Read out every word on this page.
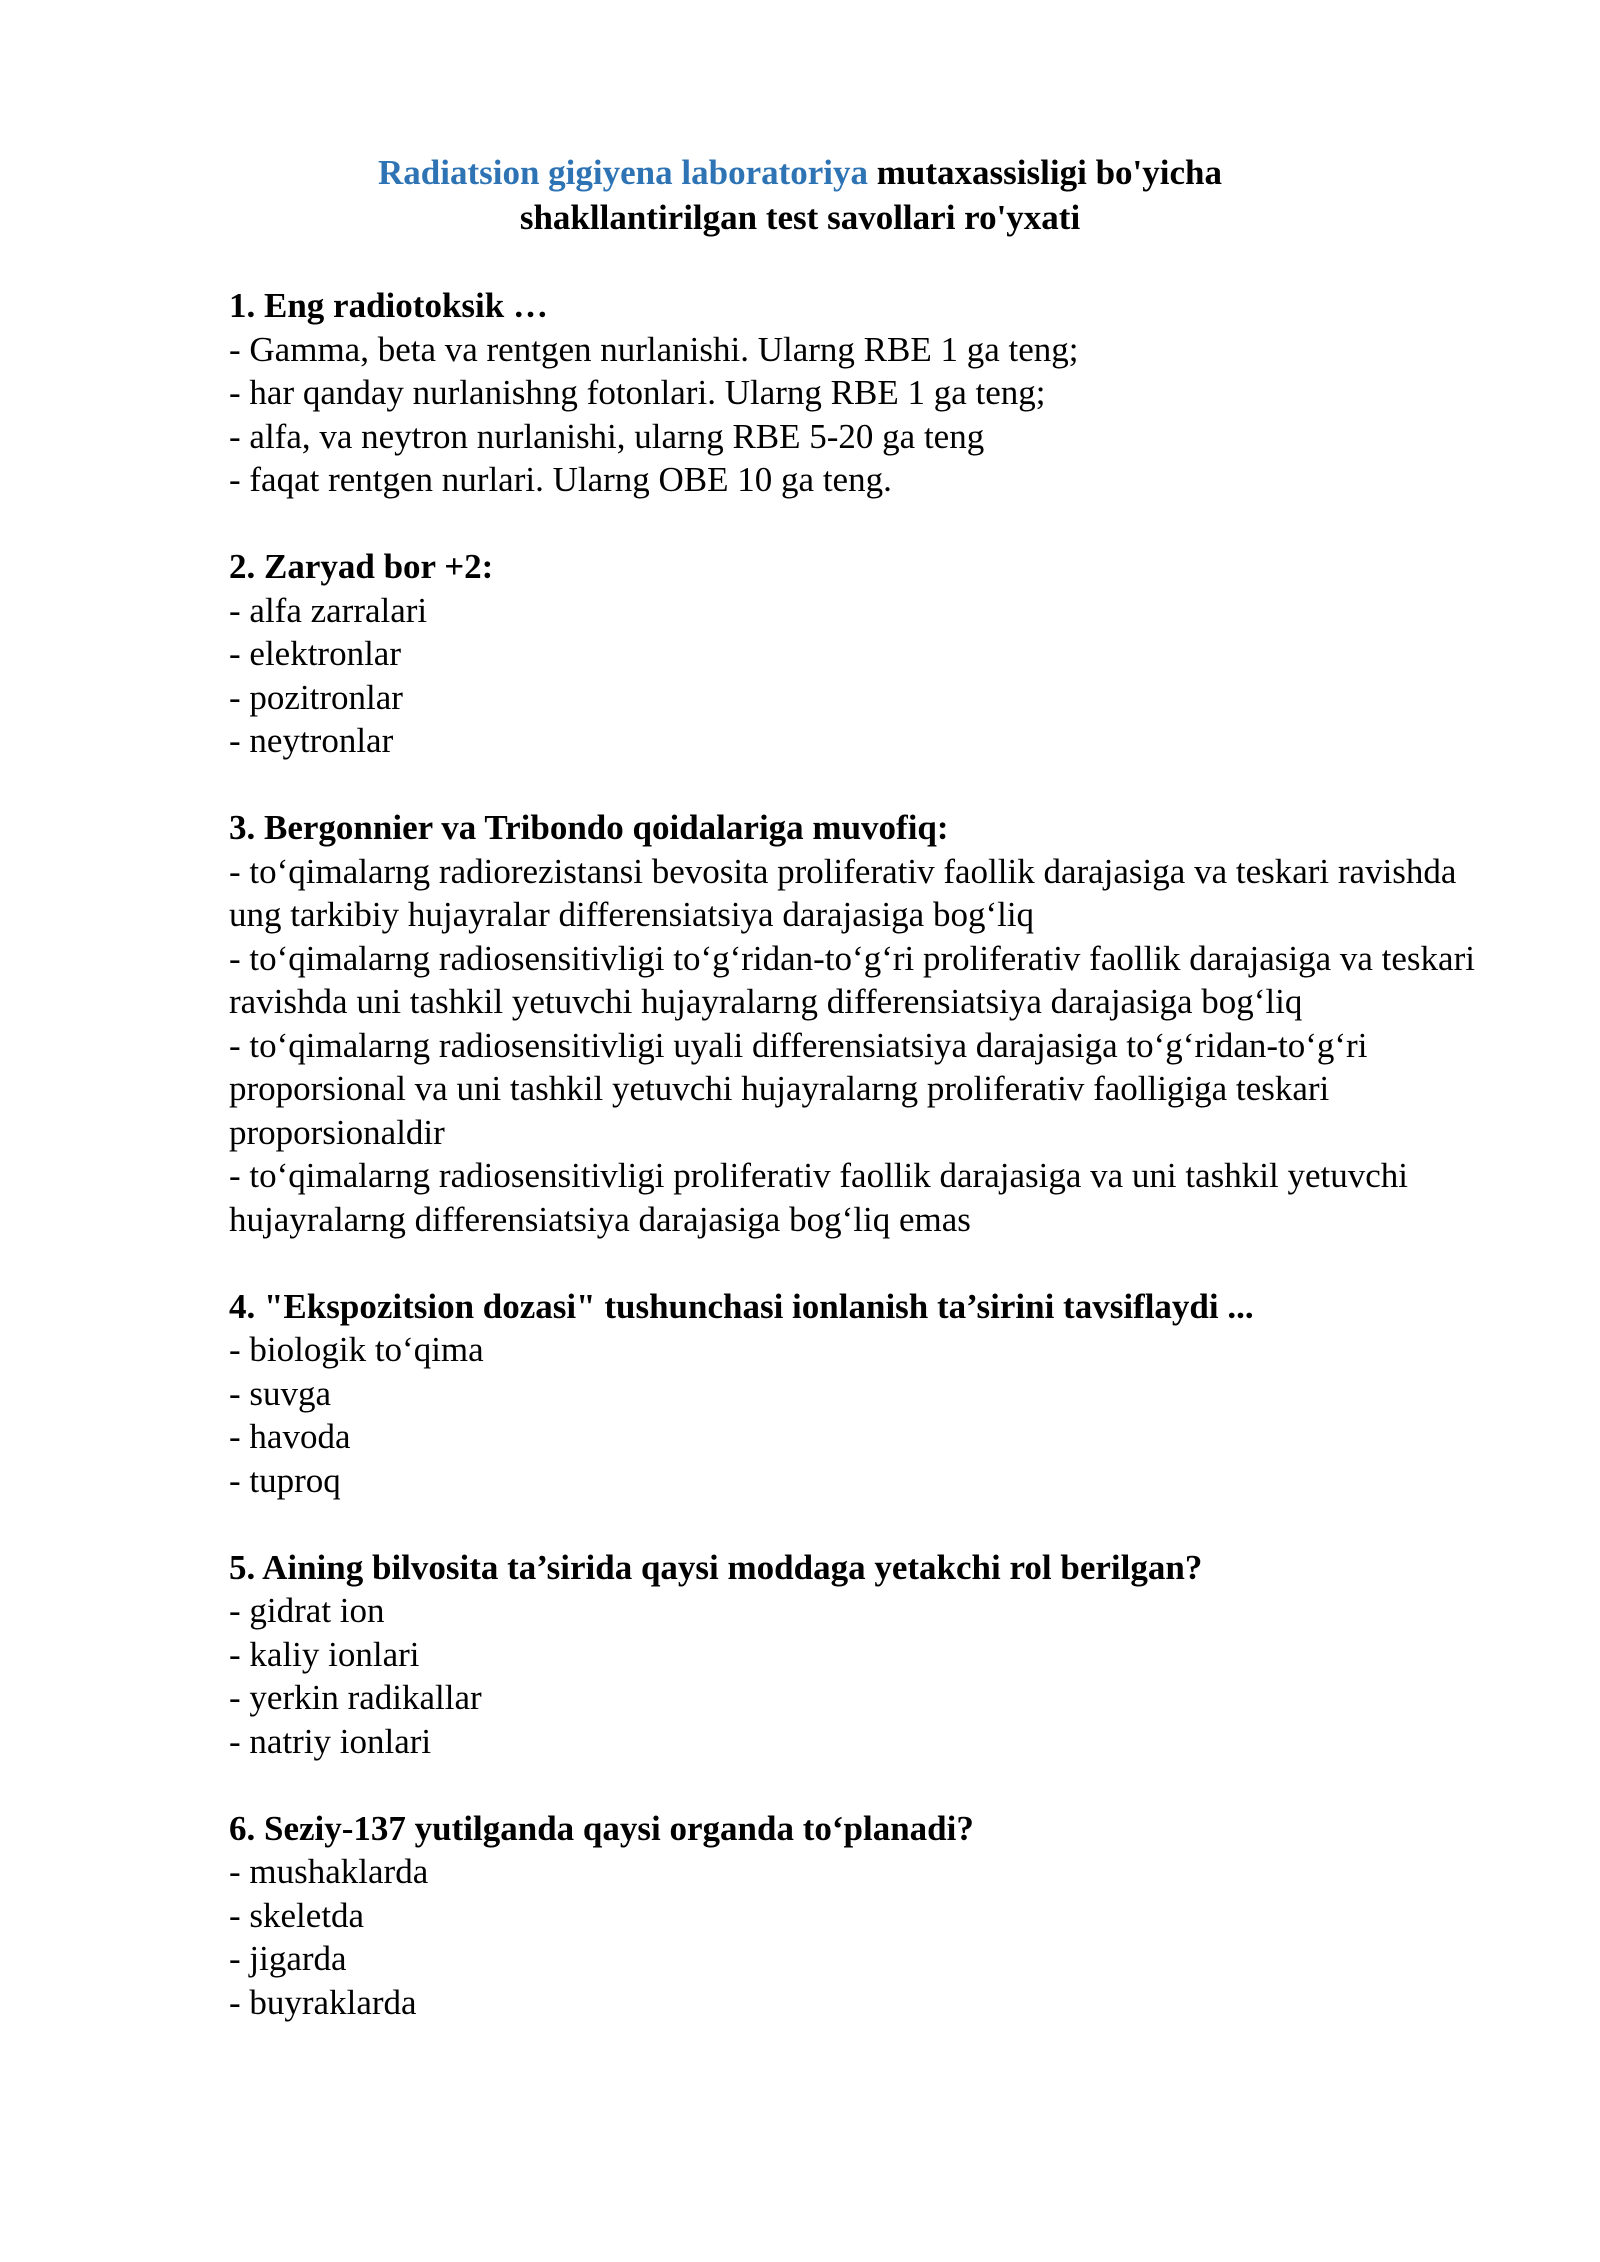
Radiatsion gigiyena laboratoriya mutaxassisligi bo'yicha
shakllantirilgan test savollari ro'yxati

1. Eng radiotoksik …

- Gamma, beta va rentgen nurlanishi. Ularng RBE 1 ga teng;

- har qanday nurlanishng fotonlari. Ularng RBE 1 ga teng;

- alfa, va neytron nurlanishi, ularng RBE 5-20 ga teng

- faqat rentgen nurlari. Ularng OBE 10 ga teng.

2. Zaryad bor +2:

- alfa zarralari

- elektronlar

- pozitronlar

- neytronlar

3. Bergonnier va Tribondo qoidalariga muvofiq:

- to‘qimalarng radiorezistansi bevosita proliferativ faollik darajasiga va teskari ravishda ung tarkibiy hujayralar differensiatsiya darajasiga bog‘liq

- to‘qimalarng radiosensitivligi to‘g‘ridan-to‘g‘ri proliferativ faollik darajasiga va teskari ravishda uni tashkil yetuvchi hujayralarng differensiatsiya darajasiga bog‘liq

- to‘qimalarng radiosensitivligi uyali differensiatsiya darajasiga to‘g‘ridan-to‘g‘ri proporsional va uni tashkil yetuvchi hujayralarng proliferativ faolligiga teskari proporsionaldir

- to‘qimalarng radiosensitivligi proliferativ faollik darajasiga va uni tashkil yetuvchi hujayralarng differensiatsiya darajasiga bog‘liq emas

4. "Ekspozitsion dozasi" tushunchasi ionlanish ta’sirini tavsiflaydi ...

- biologik to‘qima

- suvga

- havoda

- tuproq

5. Aining bilvosita ta’sirida qaysi moddaga yetakchi rol berilgan?

- gidrat ion

- kaliy ionlari

- yerkin radikallar

- natriy ionlari

6. Seziy-137 yutilganda qaysi organda to‘planadi?

- mushaklarda

- skeletda

- jigarda

- buyraklarda
